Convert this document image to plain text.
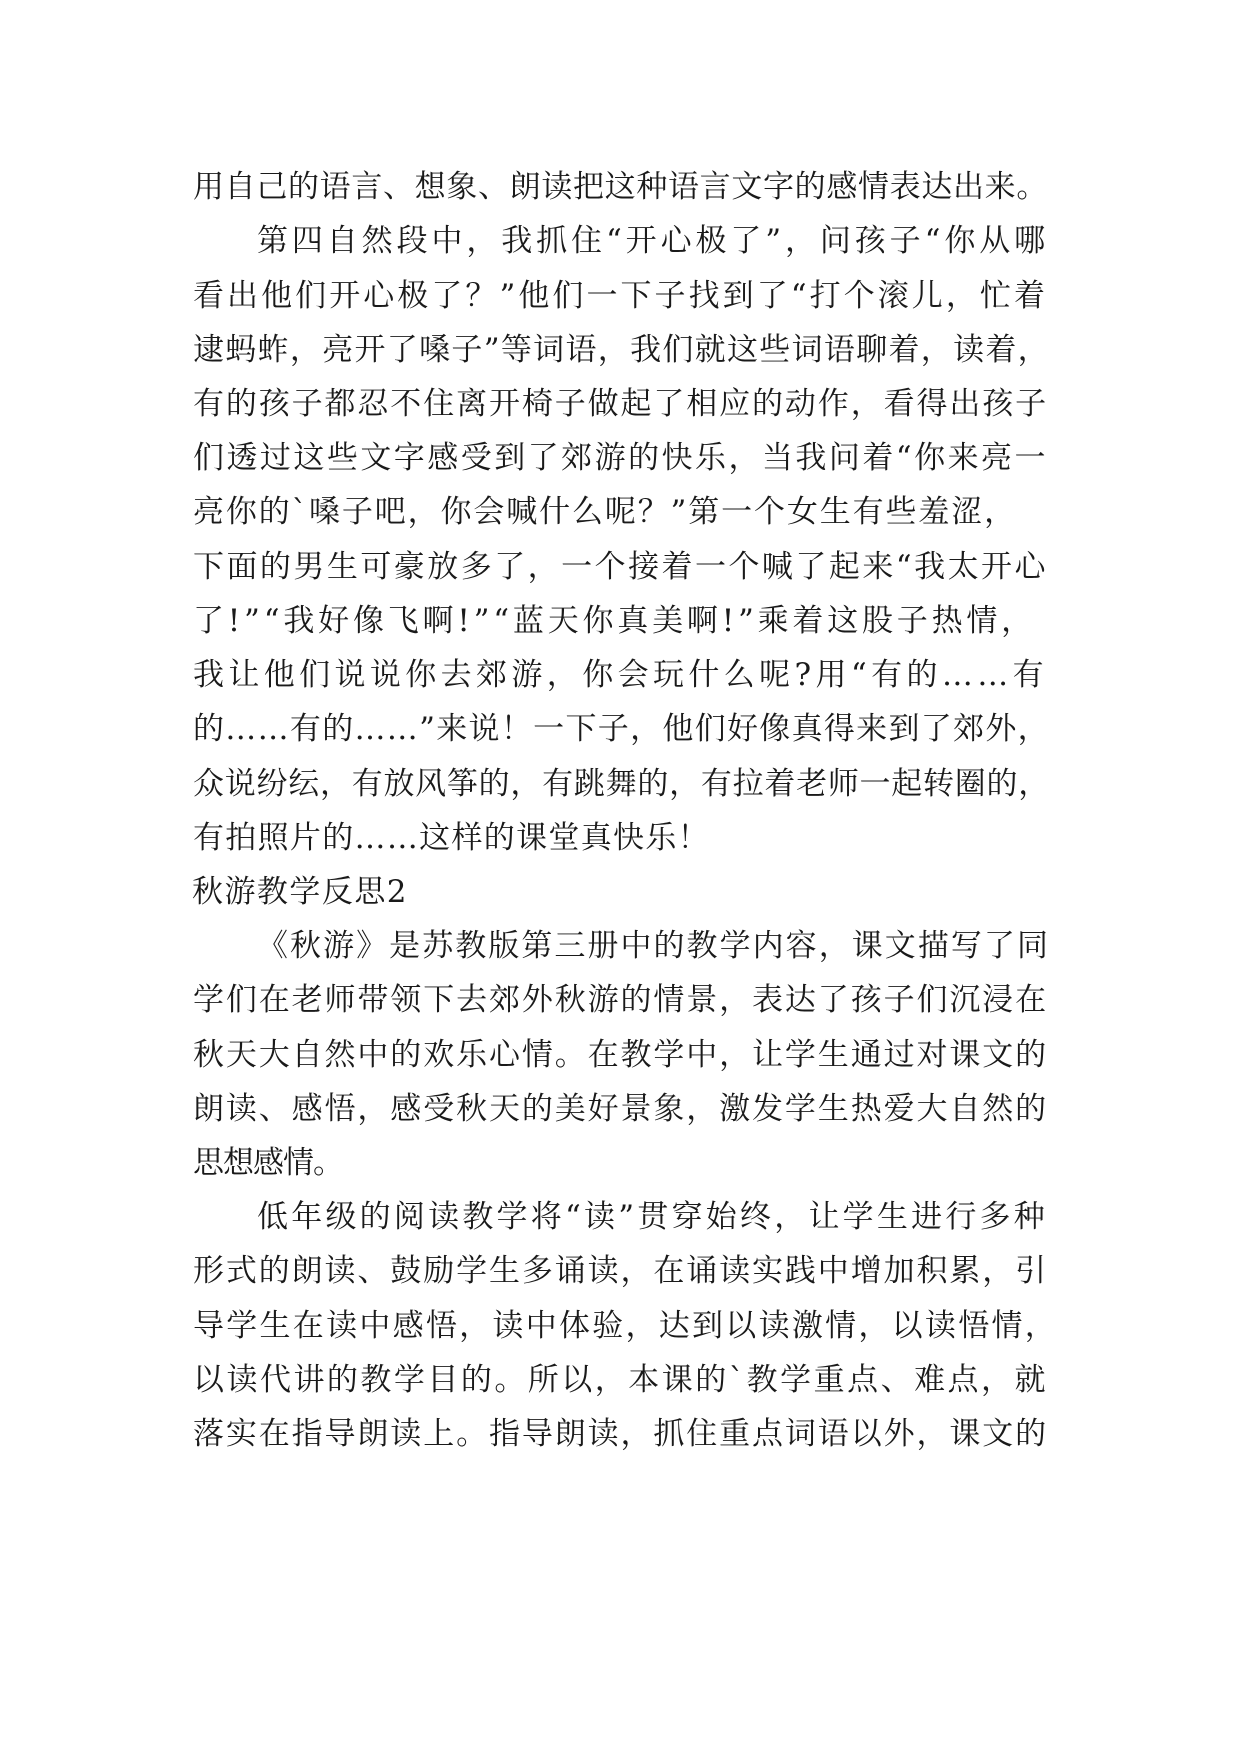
用自己的语言、想象、朗读把这种语言文字的感情表达出来。
第四自然段中，我抓住“开心极了”，问孩子“你从哪
看出他们开心极了？”他们一下子找到了“打个滚儿，忙着
逮蚂蚱，亮开了嗓子”等词语，我们就这些词语聊着，读着，
有的孩子都忍不住离开椅子做起了相应的动作，看得出孩子
们透过这些文字感受到了郊游的快乐，当我问着“你来亮一
亮你的`嗓子吧，你会喊什么呢？”第一个女生有些羞涩，
下面的男生可豪放多了，一个接着一个喊了起来“我太开心
了!”“我好像飞啊!”“蓝天你真美啊!”乘着这股子热情，
我让他们说说你去郊游，你会玩什么呢?用“有的……有
的……有的……”来说！一下子，他们好像真得来到了郊外，
众说纷纭，有放风筝的，有跳舞的，有拉着老师一起转圈的，
有拍照片的……这样的课堂真快乐！
秋游教学反思2
《秋游》是苏教版第三册中的教学内容，课文描写了同
学们在老师带领下去郊外秋游的情景，表达了孩子们沉浸在
秋天大自然中的欢乐心情。在教学中，让学生通过对课文的
朗读、感悟，感受秋天的美好景象，激发学生热爱大自然的
思想感情。
低年级的阅读教学将“读”贯穿始终，让学生进行多种
形式的朗读、鼓励学生多诵读，在诵读实践中增加积累，引
导学生在读中感悟，读中体验，达到以读激情，以读悟情，
以读代讲的教学目的。所以，本课的`教学重点、难点，就
落实在指导朗读上。指导朗读，抓住重点词语以外，课文的
